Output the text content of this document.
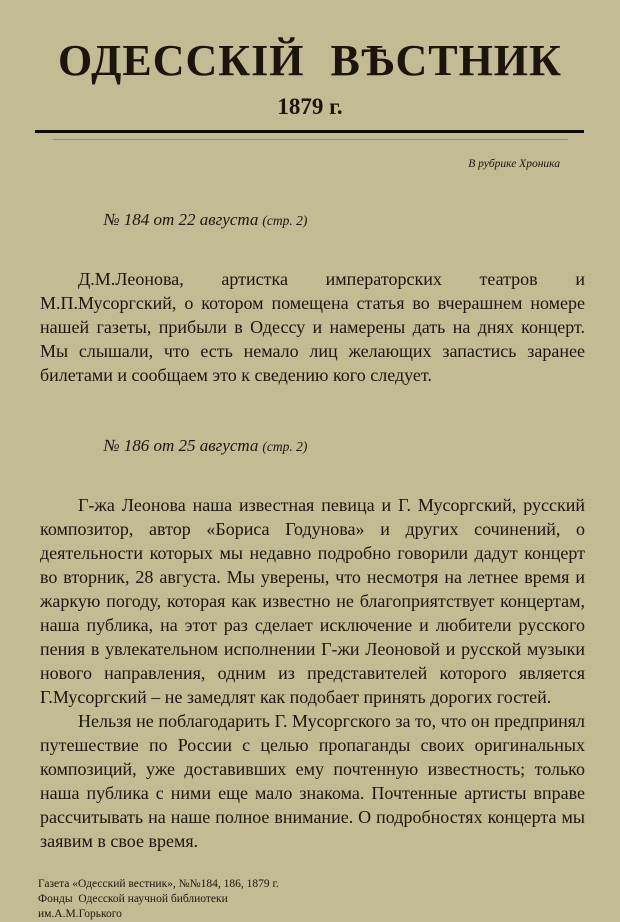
ОДЕССКІЙ ВѢСТНИК
1879 г.
В рубрике Хроника

№ 184 от 22 августа (стр. 2)

Д.М.Леонова, артистка императорских театров и М.П.Мусоргский, о котором помещена статья во вчерашнем номере нашей газеты, прибыли в Одессу и намерены дать на днях концерт. Мы слышали, что есть немало лиц желающих запастись заранее билетами и сообщаем это к сведению кого следует.

№ 186 от 25 августа (стр. 2)

Г-жа Леонова наша известная певица и Г. Мусоргский, русский композитор, автор «Бориса Годунова» и других сочинений, о деятельности которых мы недавно подробно говорили дадут концерт во вторник, 28 августа. Мы уверены, что несмотря на летнее время и жаркую погоду, которая как известно не благоприятствует концертам, наша публика, на этот раз сделает исключение и любители русского пения в увлекательном исполнении Г-жи Леоновой и русской музыки нового направления, одним из представителей которого является Г.Мусоргский – не замедлят как подобает принять дорогих гостей.

Нельзя не поблагодарить Г. Мусоргского за то, что он предпринял путешествие по России с целью пропаганды своих оригинальных композиций, уже доставивших ему почтенную известность; только наша публика с ними еще мало знакома. Почтенные артисты вправе рассчитывать на наше полное внимание. О подробностях концерта мы заявим в свое время.

Газета «Одесский вестник», №№184, 186, 1879 г.
Фонды  Одесской научной библиотеки
им.А.М.Горького
